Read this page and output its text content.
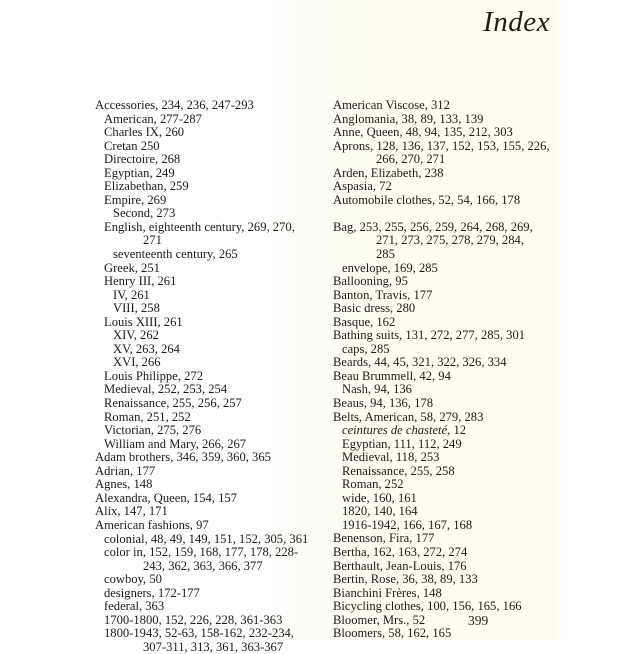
Index
Accessories, 234, 236, 247-293
American, 277-287
Charles IX, 260
Cretan 250
Directoire, 268
Egyptian, 249
Elizabethan, 259
Empire, 269
Second, 273
English, eighteenth century, 269, 270,
271
seventeenth century, 265
Greek, 251
Henry III, 261
IV, 261
VIII, 258
Louis XIII, 261
XIV, 262
XV, 263, 264
XVI, 266
Louis Philippe, 272
Medieval, 252, 253, 254
Renaissance, 255, 256, 257
Roman, 251, 252
Victorian, 275, 276
William and Mary, 266, 267
Adam brothers, 346, 359, 360, 365
Adrian, 177
Agnes, 148
Alexandra, Queen, 154, 157
Alix, 147, 171
American fashions, 97
colonial, 48, 49, 149, 151, 152, 305, 361
color in, 152, 159, 168, 177, 178, 228-
243, 362, 363, 366, 377
cowboy, 50
designers, 172-177
federal, 363
1700-1800, 152, 226, 228, 361-363
1800-1943, 52-63, 158-162, 232-234,
307-311, 313, 361, 363-367
American Viscose, 312
Anglomania, 38, 89, 133, 139
Anne, Queen, 48, 94, 135, 212, 303
Aprons, 128, 136, 137, 152, 153, 155, 226,
266, 270, 271
Arden, Elizabeth, 238
Aspasia, 72
Automobile clothes, 52, 54, 166, 178
Bag, 253, 255, 256, 259, 264, 268, 269,
271, 273, 275, 278, 279, 284,
285
envelope, 169, 285
Ballooning, 95
Banton, Travis, 177
Basic dress, 280
Basque, 162
Bathing suits, 131, 272, 277, 285, 301
caps, 285
Beards, 44, 45, 321, 322, 326, 334
Beau Brummell, 42, 94
Nash, 94, 136
Beaus, 94, 136, 178
Belts, American, 58, 279, 283
ceintures de chasteté, 12
Egyptian, 111, 112, 249
Medieval, 118, 253
Renaissance, 255, 258
Roman, 252
wide, 160, 161
1820, 140, 164
1916-1942, 166, 167, 168
Benenson, Fira, 177
Bertha, 162, 163, 272, 274
Berthault, Jean-Louis, 176
Bertin, Rose, 36, 38, 89, 133
Bianchini Frères, 148
Bicycling clothes, 100, 156, 165, 166
Bloomer, Mrs., 52
Bloomers, 58, 162, 165
399
